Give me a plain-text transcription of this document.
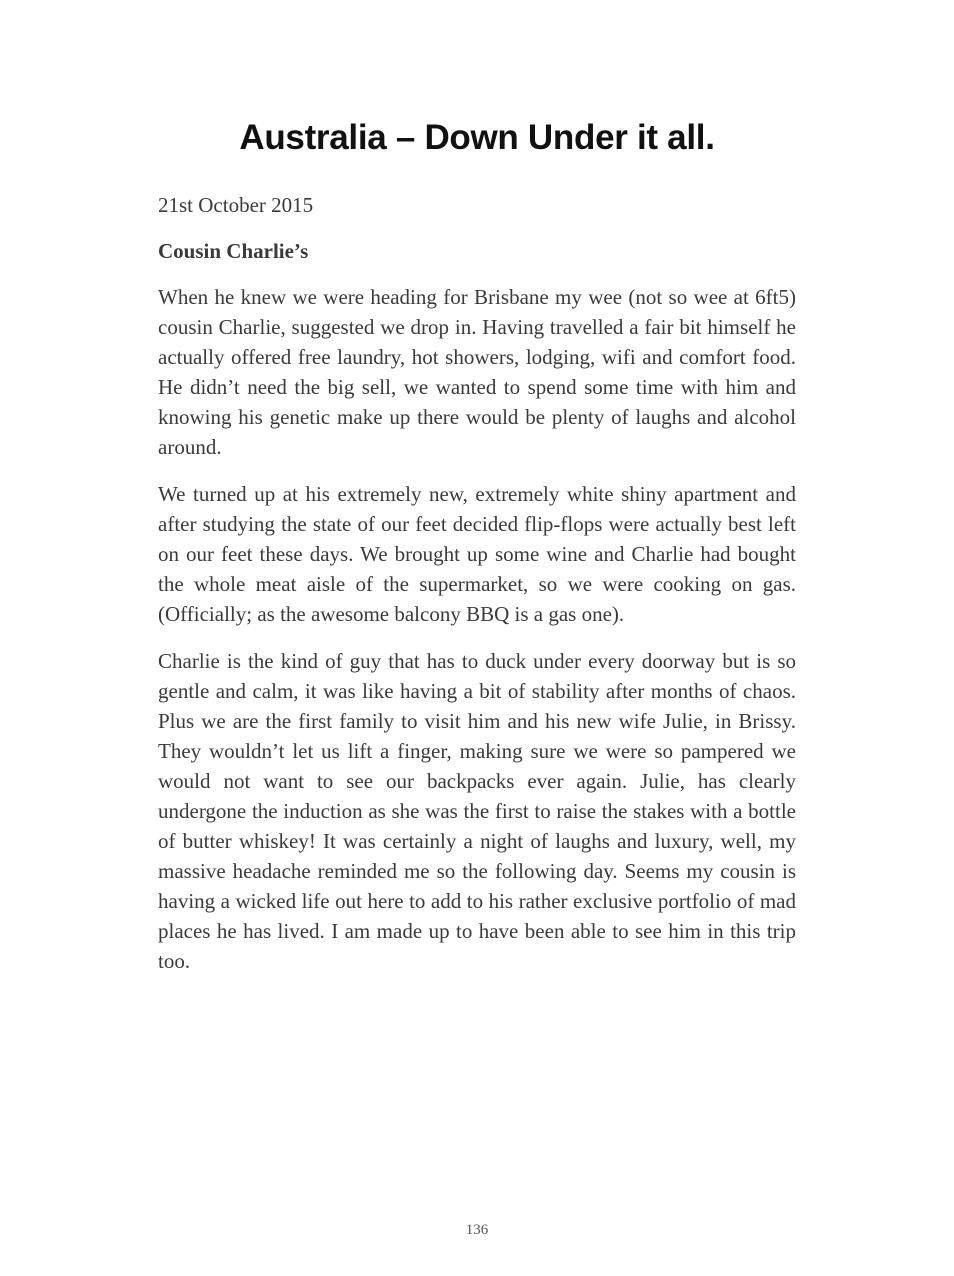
Australia – Down Under it all.

21st October 2015

Cousin Charlie’s

When he knew we were heading for Brisbane my wee (not so wee at 6ft5) cousin Charlie, suggested we drop in. Having travelled a fair bit himself he actually offered free laundry, hot showers, lodging, wifi and comfort food. He didn’t need the big sell, we wanted to spend some time with him and knowing his genetic make up there would be plenty of laughs and alcohol around.

We turned up at his extremely new, extremely white shiny apartment and after studying the state of our feet decided flip-flops were actually best left on our feet these days. We brought up some wine and Charlie had bought the whole meat aisle of the supermarket, so we were cooking on gas. (Officially; as the awesome balcony BBQ is a gas one).

Charlie is the kind of guy that has to duck under every doorway but is so gentle and calm, it was like having a bit of stability after months of chaos. Plus we are the first family to visit him and his new wife Julie, in Brissy. They wouldn’t let us lift a finger, making sure we were so pampered we would not want to see our backpacks ever again. Julie, has clearly undergone the induction as she was the first to raise the stakes with a bottle of butter whiskey! It was certainly a night of laughs and luxury, well, my massive headache reminded me so the following day. Seems my cousin is having a wicked life out here to add to his rather exclusive portfolio of mad places he has lived. I am made up to have been able to see him in this trip too.

136
